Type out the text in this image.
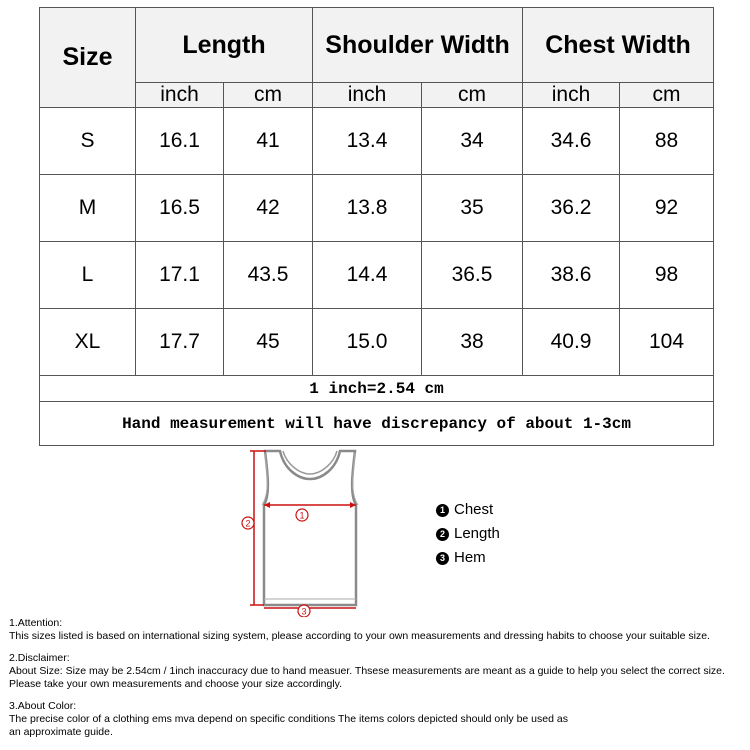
Size	Length		Shoulder Width		Chest Width	
	inch	cm	inch	cm	inch	cm
S	16.1	41	13.4	34	34.6	88
M	16.5	42	13.8	35	36.2	92
L	17.1	43.5	14.4	36.5	38.6	98
XL	17.7	45	15.0	38	40.9	104
1 inch=2.54 cm						
Hand measurement will have discrepancy of about 1-3cm						
2
1
3
1 Chest
2 Length
3 Hem

1.Attention:
This sizes listed is based on international sizing system, please according to your own measurements and dressing habits to choose your suitable size.

2.Disclaimer:
About Size: Size may be 2.54cm / 1inch inaccuracy due to hand measuer. Thsese measurements are meant as a guide to help you select the correct size.
Please take your own measurements and choose your size accordingly.

3.About Color:
The precise color of a clothing ems mva depend on specific conditions The items colors depicted should only be used as
an approximate guide.
